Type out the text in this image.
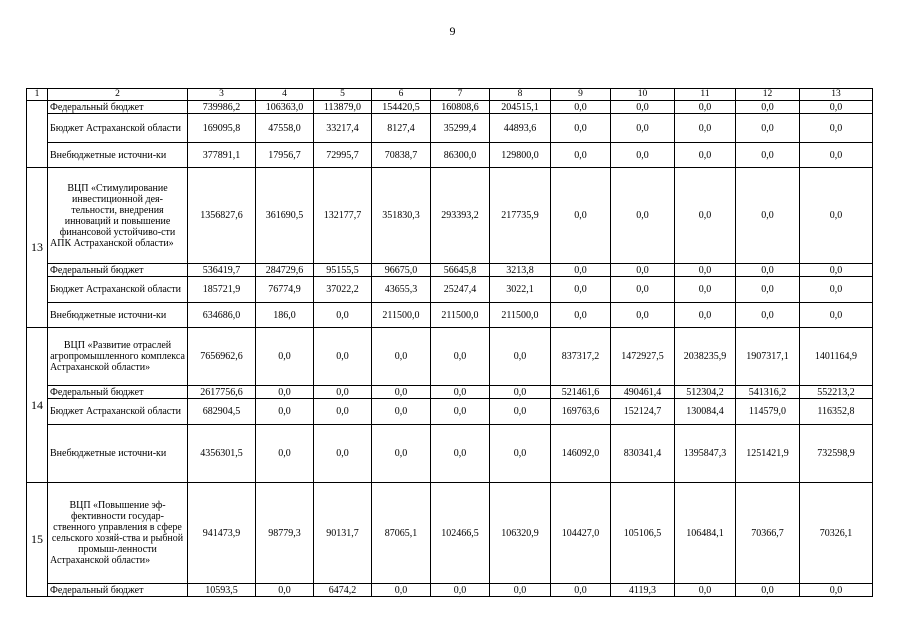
9
1	2	3	4	5	6	7	8	9	10	11	12	13
	Федеральный бюджет	739986,2	106363,0	113879,0	154420,5	160808,6	204515,1	0,0	0,0	0,0	0,0	0,0
	Бюджет Астраханской области	169095,8	47558,0	33217,4	8127,4	35299,4	44893,6	0,0	0,0	0,0	0,0	0,0
	Внебюджетные источни-ки	377891,1	17956,7	72995,7	70838,7	86300,0	129800,0	0,0	0,0	0,0	0,0	0,0
13	ВЦП «Стимулирование инвестиционной дея-тельности, внедрения инноваций и повышение финансовой устойчиво-сти АПК Астраханской области»	1356827,6	361690,5	132177,7	351830,3	293393,2	217735,9	0,0	0,0	0,0	0,0	0,0
	Федеральный бюджет	536419,7	284729,6	95155,5	96675,0	56645,8	3213,8	0,0	0,0	0,0	0,0	0,0
	Бюджет Астраханской области	185721,9	76774,9	37022,2	43655,3	25247,4	3022,1	0,0	0,0	0,0	0,0	0,0
	Внебюджетные источни-ки	634686,0	186,0	0,0	211500,0	211500,0	211500,0	0,0	0,0	0,0	0,0	0,0
14	ВЦП «Развитие отраслей агропромышленного комплекса Астраханской области»	7656962,6	0,0	0,0	0,0	0,0	0,0	837317,2	1472927,5	2038235,9	1907317,1	1401164,9
	Федеральный бюджет	2617756,6	0,0	0,0	0,0	0,0	0,0	521461,6	490461,4	512304,2	541316,2	552213,2
	Бюджет Астраханской области	682904,5	0,0	0,0	0,0	0,0	0,0	169763,6	152124,7	130084,4	114579,0	116352,8
	Внебюджетные источни-ки	4356301,5	0,0	0,0	0,0	0,0	0,0	146092,0	830341,4	1395847,3	1251421,9	732598,9
15	ВЦП «Повышение эф-фективности государ-ственного управления в сфере сельского хозяй-ства и рыбной промыш-ленности Астраханской области»	941473,9	98779,3	90131,7	87065,1	102466,5	106320,9	104427,0	105106,5	106484,1	70366,7	70326,1
	Федеральный бюджет	10593,5	0,0	6474,2	0,0	0,0	0,0	0,0	4119,3	0,0	0,0	0,0
